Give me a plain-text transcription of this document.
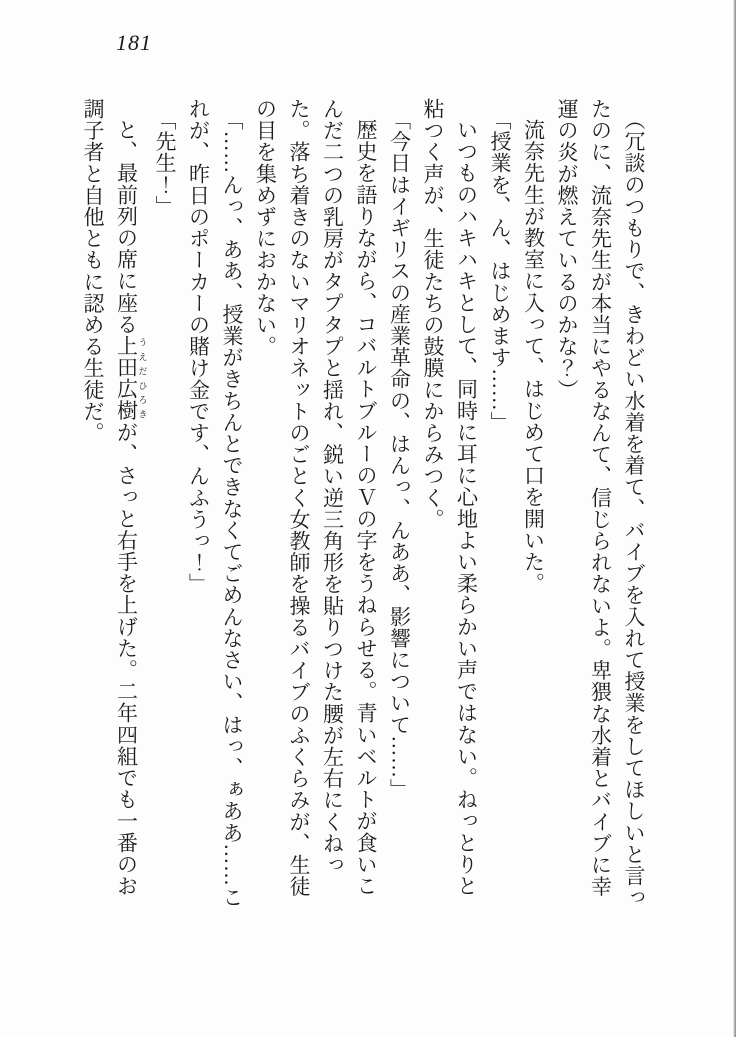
181

（冗談のつもりで、きわどい水着を着て、バイブを入れて授業をしてほしいと言ったのに、流奈先生が本当にやるなんて、信じられないよ。卑猥な水着とバイブに幸運の炎が燃えているのかな？）

流奈先生が教室に入って、はじめて口を開いた。

「授業を、ん、はじめます……」

いつものハキハキとして、同時に耳に心地よい柔らかい声ではない。ねっとりと粘つく声が、生徒たちの鼓膜にからみつく。

「今日はイギリスの産業革命の、はんっ、んああ、影響について……」

歴史を語りながら、コバルトブルーのＶの字をうねらせる。青いベルトが食いこんだ二つの乳房がタプタプと揺れ、鋭い逆三角形を貼りつけた腰が左右にくねった。落ち着きのないマリオネットのごとく女教師を操るバイブのふくらみが、生徒の目を集めずにおかない。

「……んっ、ああ、授業がきちんとできなくてごめんなさい、はっ、ぁああ……これが、昨日のポーカーの賭け金です、んふうっ！」

「先生！」

と、最前列の席に座る上田 うえだ広樹 ひろきが、さっと右手を上げた。二年四組でも一番のお調子者と自他ともに認める生徒だ。
